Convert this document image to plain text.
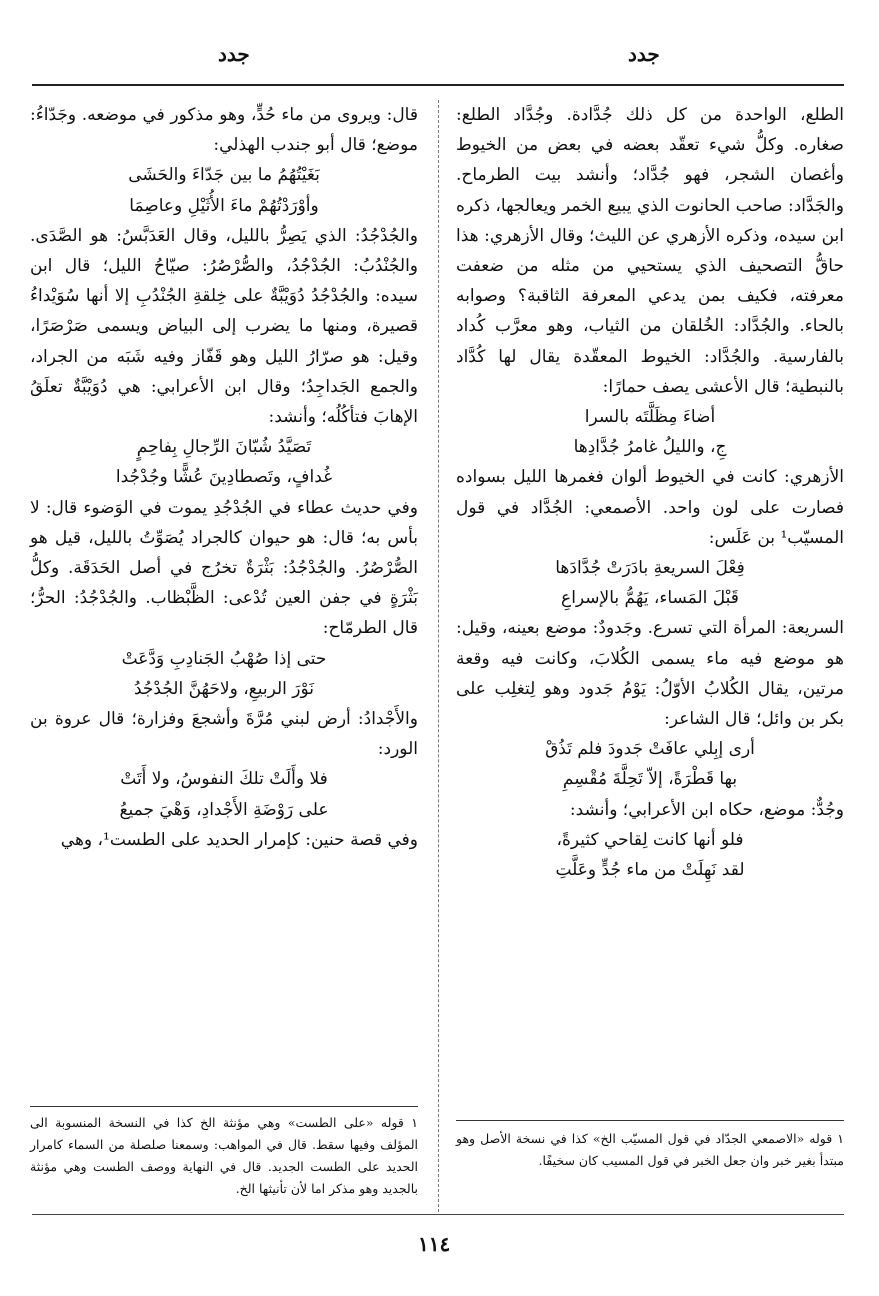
جدد
جدد

الطلع، الواحدة من كل ذلك جُدَّادة. وجُدَّاد الطلع: صغاره. وكلُّ شيء تعقّد بعضه في بعض من الخيوط وأغصان الشجر، فهو جُدَّاد؛ وأنشد بيت الطرماح. والجَدَّاد: صاحب الحانوت الذي يبيع الخمر ويعالجها، ذكره ابن سيده، وذكره الأزهري عن الليث؛ وقال الأزهري: هذا حاقُّ التصحيف الذي يستحيي من مثله من ضعفت معرفته، فكيف بمن يدعي المعرفة الثاقبة؟ وصوابه بالحاء. والجُدَّاد: الخُلقان من الثياب، وهو معرَّب كُداد بالفارسية. والجُدَّاد: الخيوط المعقّدة يقال لها كُدَّاد بالنبطية؛ قال الأعشى يصف حمارًا:

أضاءَ مِظَلَّتَه بالسرا

جِ، والليلُ غامرُ جُدَّادِها

الأزهري: كانت في الخيوط ألوان فغمرها الليل بسواده فصارت على لون واحد. الأصمعي: الجُدَّاد في قول المسيّب¹ بن عَلَس:

فِعْلَ السريعةِ بادَرَتْ جُدَّادَها

قَبْلَ المَساء، يَهُمُّ بالإسراعِ

السريعة: المرأة التي تسرع. وجَدودٌ: موضع بعينه، وقيل: هو موضع فيه ماء يسمى الكُلابَ، وكانت فيه وقعة مرتين، يقال الكُلابُ الأوّلُ: يَوْمُ جَدود وهو لِتغلِب على بكر بن وائل؛ قال الشاعر:

أرى إبِلي عافَتْ جَدودَ فلم تَذُقْ

بها قَطْرَةً، إلاّ تَحِلَّةَ مُقْسِمِ

وجُدٌّ: موضع، حكاه ابن الأعرابي؛ وأنشد:

فلو أنها كانت لِقاحي كثيرةً،

لقد نَهِلَتْ من ماء جُدٍّ وعَلَّتِ

قال: ويروى من ماء حُدٍّ، وهو مذكور في موضعه. وجَدّاءُ: موضع؛ قال أبو جندب الهذلي:

بَغَيْتُهُمُ ما بين جَدّاءَ والحَشَى

وأوْرَدْتُهُمْ ماءَ الأُثَيْلِ وعاصِمَا

والجُدْجُدُ: الذي يَصِرُّ بالليل، وقال العَدَبَّسُ: هو الصَّدَى. والجُنْدُبُ: الجُدْجُدُ، والصُّرْصُرُ: صيّاحُ الليل؛ قال ابن سيده: والجُدْجُدُ دُوَيْبَّةٌ على خِلقةِ الجُنْدُبِ إلا أنها سُوَيْداءُ قصيرة، ومنها ما يضرب إلى البياض ويسمى صَرْصَرًا، وقيل: هو صرّارُ الليل وهو قَفّاز وفيه شَبَه من الجراد، والجمع الجَداجِدُ؛ وقال ابن الأعرابي: هي دُوَيْبَّةٌ تعلَقُ الإهابَ فتأكُلُه؛ وأنشد:

تَصَيَّدُ شُبّانَ الرِّجالِ بِفاحِمٍ

غُدافٍ، وتَصطادِينَ عُشًّا وجُدْجُدا

وفي حديث عطاء في الجُدْجُدِ يموت في الوَضوء قال: لا بأس به؛ قال: هو حيوان كالجراد يُصَوِّتُ بالليل، قيل هو الصُّرْصُرُ. والجُدْجُدُ: بَثْرَةٌ تخرُج في أصل الحَدَقَة. وكلُّ بَثْرَةٍ في جفن العين تُدْعى: الظَّبْظاب. والجُدْجُدُ: الحرُّ؛ قال الطرمّاح:

حتى إذا صُهْبُ الجَنادِبِ وَدَّعَتْ

نَوْرَ الربيعِ، ولاحَهُنَّ الجُدْجُدُ

والأَجْدادُ: أرض لبني مُرَّةَ وأشجعَ وفزارة؛ قال عروة بن الورد:

فلا وأَلَتْ تلكَ النفوسُ، ولا أَتَتْ

على رَوْضَةِ الأَجْدادِ، وَهْيَ جميعُ

وفي قصة حنين: كإمرار الحديد على الطست¹، وهي

١ قوله «الاصمعي الجدّاد في قول المسيّب الخ» كذا في نسخة الأصل وهو مبتدأ بغير خبر وان جعل الخبر في قول المسيب كان سخيفًا.
١ قوله «على الطست» وهي مؤنثة الخ كذا في النسخة المنسوبة الى المؤلف وفيها سقط. قال في المواهب: وسمعنا صلصلة من السماء كامرار الحديد على الطست الجديد. قال في النهاية ووصف الطست وهي مؤنثة بالجديد وهو مذكر اما لأن تأنيثها الخ.
١١٤
